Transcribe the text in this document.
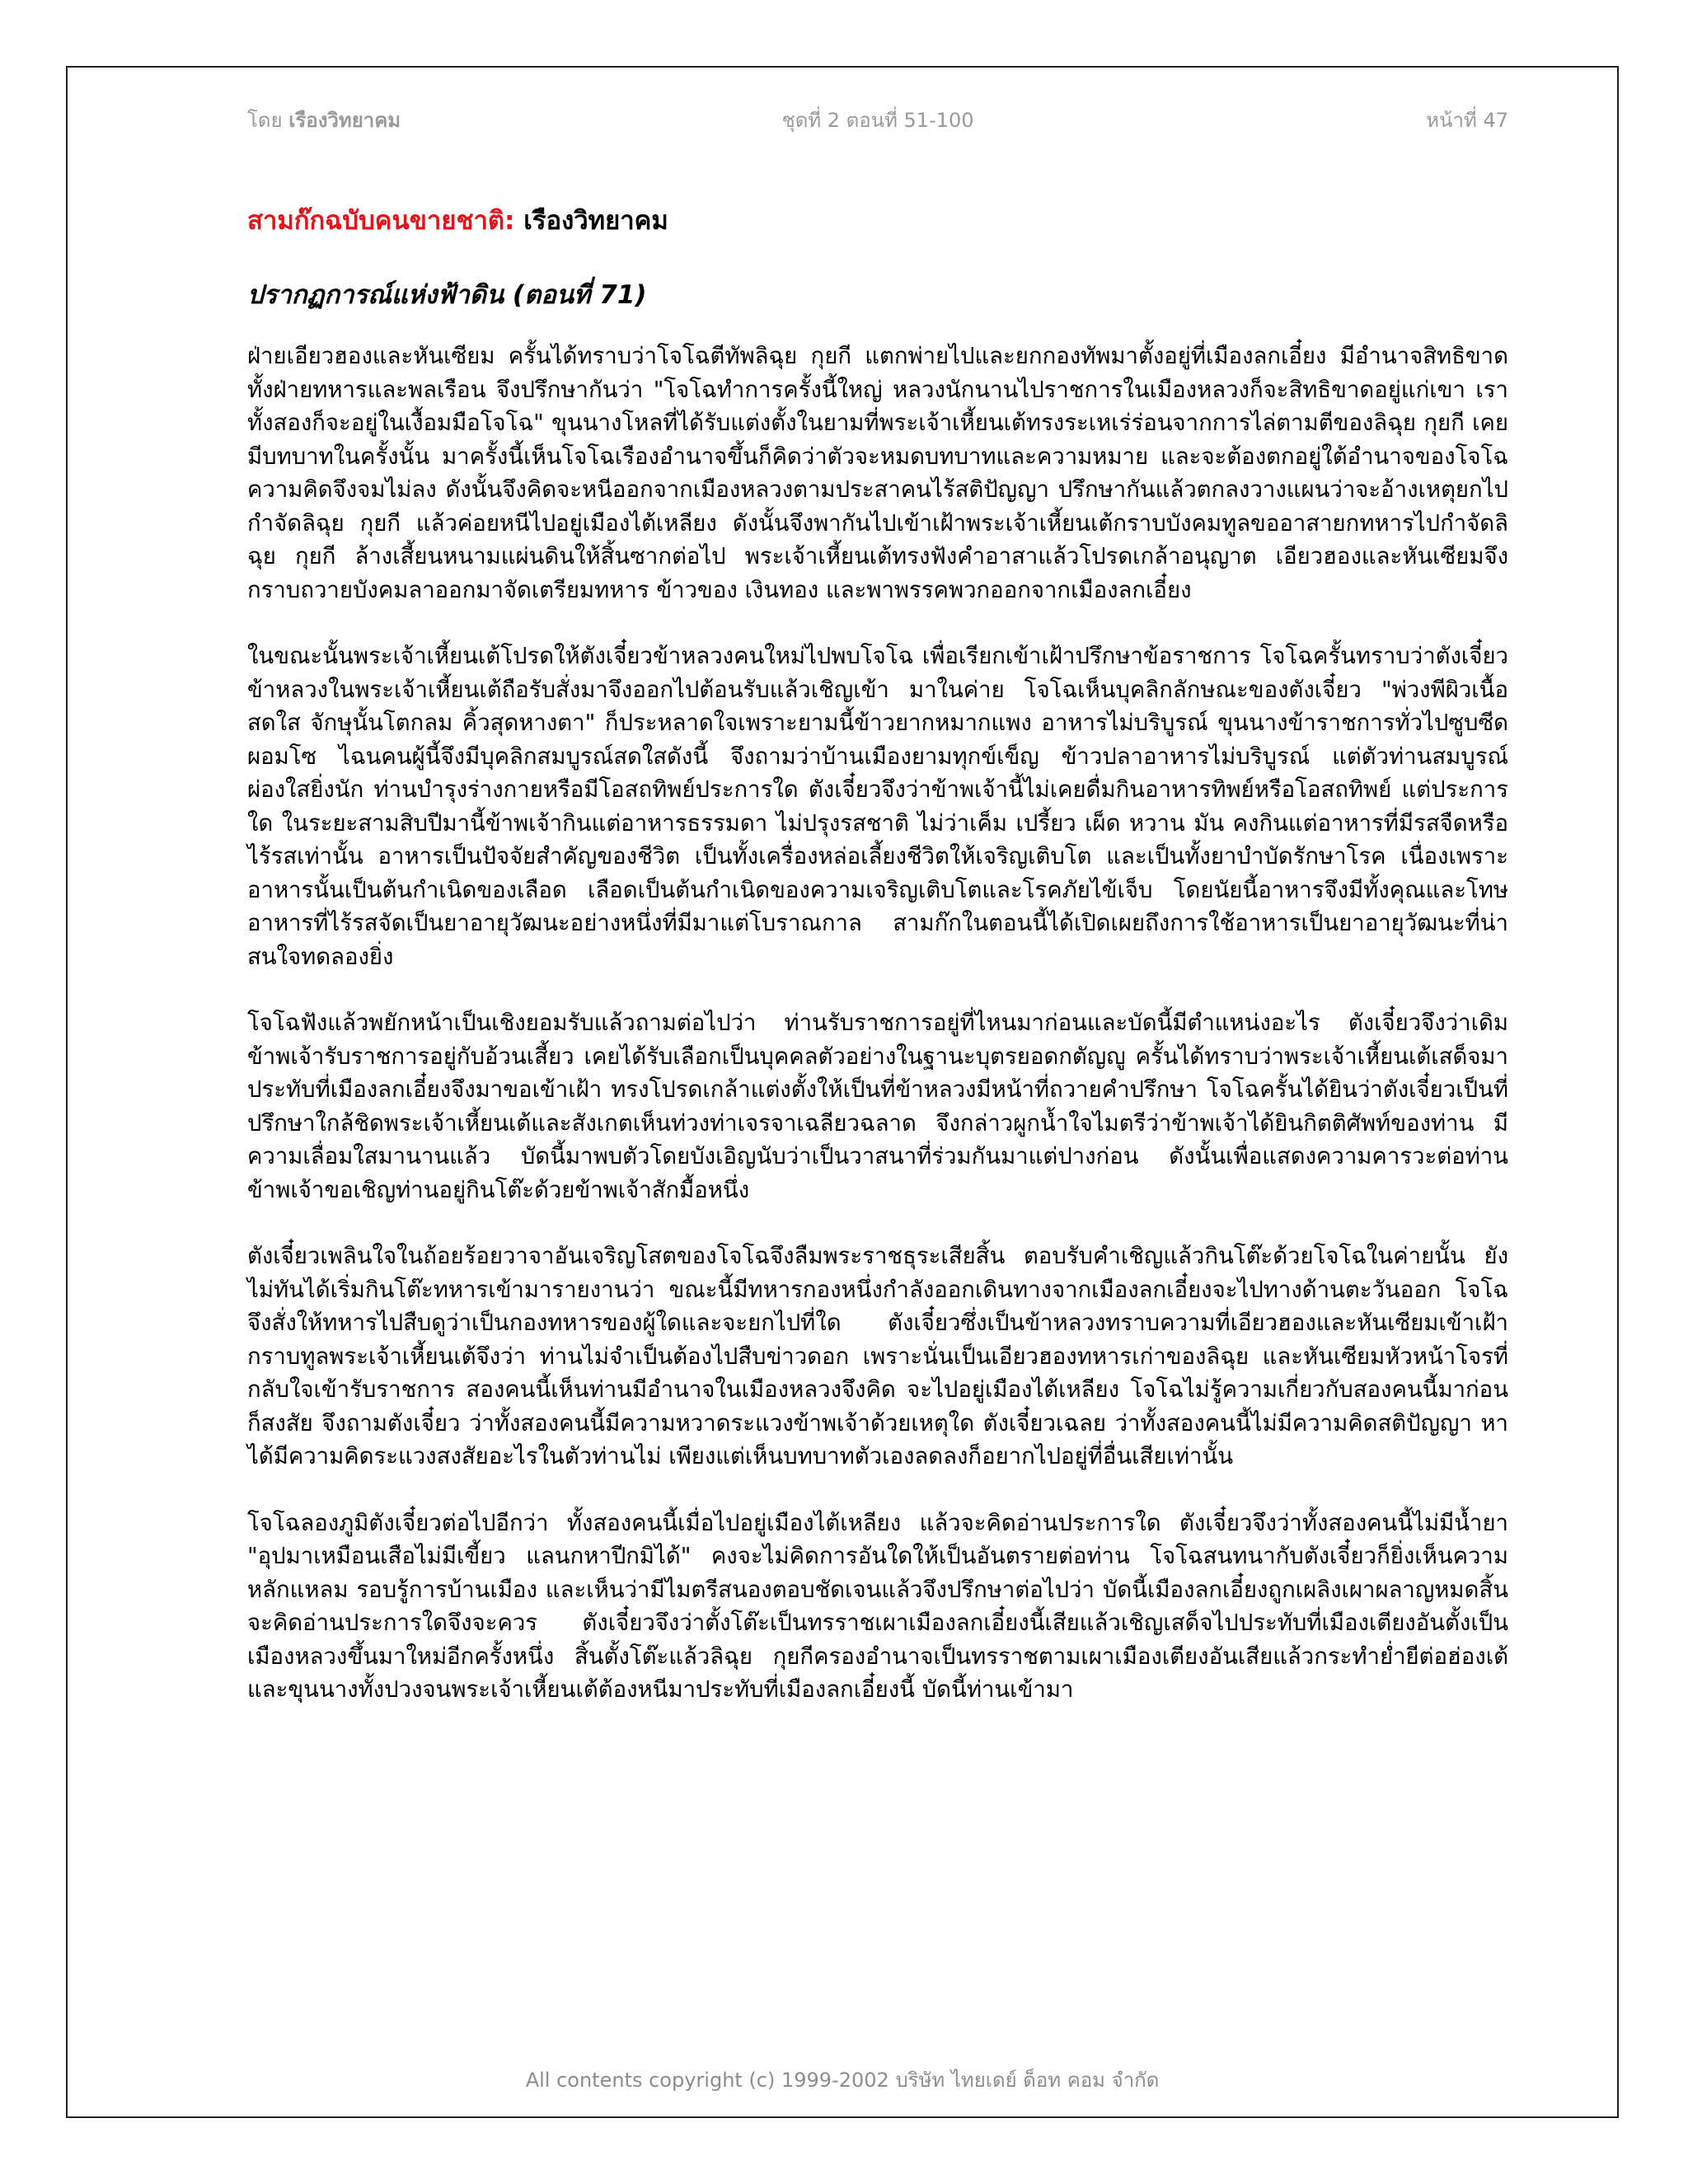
โดย เรืองวิทยาคม	ชุดที่ 2 ตอนที่ 51-100	หน้าที่ 47
สามก๊กฉบับคนขายชาติ: เรืองวิทยาคม
ปรากฏการณ์แห่งฟ้าดิน (ตอนที่ 71)

ฝ่ายเอียวฮองและหันเซียม ครั้นได้ทราบว่าโจโฉตีทัพลิฉุย กุยกี แตกพ่ายไปและยกกองทัพมาตั้งอยู่ที่เมืองลกเอี๋ยง มีอำนาจสิทธิขาด ทั้งฝ่ายทหารและพลเรือน จึงปรึกษากันว่า "โจโฉทำการครั้งนี้ใหญ่ หลวงนักนานไปราชการในเมืองหลวงก็จะสิทธิขาดอยู่แก่เขา เราทั้งสองก็จะอยู่ในเงื้อมมือโจโฉ" ขุนนางโหลที่ได้รับแต่งตั้งในยามที่พระเจ้าเหี้ยนเต้ทรงระเหเร่ร่อนจากการไล่ตามตีของลิฉุย กุยกี เคยมีบทบาทในครั้งนั้น มาครั้งนี้เห็นโจโฉเรืองอำนาจขึ้นก็คิดว่าตัวจะหมดบทบาทและความหมาย และจะต้องตกอยู่ใต้อำนาจของโจโฉ ความคิดจึงจมไม่ลง ดังนั้นจึงคิดจะหนีออกจากเมืองหลวงตามประสาคนไร้สติปัญญา ปรึกษากันแล้วตกลงวางแผนว่าจะอ้างเหตุยกไปกำจัดลิฉุย กุยกี แล้วค่อยหนีไปอยู่เมืองไต้เหลียง ดังนั้นจึงพากันไปเข้าเฝ้าพระเจ้าเหี้ยนเต้กราบบังคมทูลขออาสายกทหารไปกำจัดลิฉุย กุยกี ล้างเสี้ยนหนามแผ่นดินให้สิ้นซากต่อไป พระเจ้าเหี้ยนเต้ทรงฟังคำอาสาแล้วโปรดเกล้าอนุญาต เอียวฮองและหันเซียมจึงกราบถวายบังคมลาออกมาจัดเตรียมทหาร ข้าวของ เงินทอง และพาพรรคพวกออกจากเมืองลกเอี๋ยง

ในขณะนั้นพระเจ้าเหี้ยนเต้โปรดให้ตังเจี๋ยวข้าหลวงคนใหม่ไปพบโจโฉ เพื่อเรียกเข้าเฝ้าปรึกษาข้อราชการ โจโฉครั้นทราบว่าตังเจี๋ยว ข้าหลวงในพระเจ้าเหี้ยนเต้ถือรับสั่งมาจึงออกไปต้อนรับแล้วเชิญเข้า มาในค่าย โจโฉเห็นบุคลิกลักษณะของตังเจี๋ยว "พ่วงพีผิวเนื้อสดใส จักษุนั้นโตกลม คิ้วสุดหางตา" ก็ประหลาดใจเพราะยามนี้ข้าวยากหมากแพง อาหารไม่บริบูรณ์ ขุนนางข้าราชการทั่วไปซูบซีดผอมโซ ไฉนคนผู้นี้จึงมีบุคลิกสมบูรณ์สดใสดังนี้ จึงถามว่าบ้านเมืองยามทุกข์เข็ญ ข้าวปลาอาหารไม่บริบูรณ์ แต่ตัวท่านสมบูรณ์ผ่องใสยิ่งนัก ท่านบำรุงร่างกายหรือมีโอสถทิพย์ประการใด ตังเจี๋ยวจึงว่าข้าพเจ้านี้ไม่เคยดื่มกินอาหารทิพย์หรือโอสถทิพย์ แต่ประการใด ในระยะสามสิบปีมานี้ข้าพเจ้ากินแต่อาหารธรรมดา ไม่ปรุงรสชาติ ไม่ว่าเค็ม เปรี้ยว เผ็ด หวาน มัน คงกินแต่อาหารที่มีรสจืดหรือไร้รสเท่านั้น อาหารเป็นปัจจัยสำคัญของชีวิต เป็นทั้งเครื่องหล่อเลี้ยงชีวิตให้เจริญเติบโต และเป็นทั้งยาบำบัดรักษาโรค เนื่องเพราะอาหารนั้นเป็นต้นกำเนิดของเลือด เลือดเป็นต้นกำเนิดของความเจริญเติบโตและโรคภัยไข้เจ็บ โดยนัยนี้อาหารจึงมีทั้งคุณและโทษ อาหารที่ไร้รสจัดเป็นยาอายุวัฒนะอย่างหนึ่งที่มีมาแต่โบราณกาล สามก๊กในตอนนี้ได้เปิดเผยถึงการใช้อาหารเป็นยาอายุวัฒนะที่น่าสนใจทดลองยิ่ง

โจโฉฟังแล้วพยักหน้าเป็นเชิงยอมรับแล้วถามต่อไปว่า ท่านรับราชการอยู่ที่ไหนมาก่อนและบัดนี้มีตำแหน่งอะไร ตังเจี๋ยวจึงว่าเดิม ข้าพเจ้ารับราชการอยู่กับอ้วนเสี้ยว เคยได้รับเลือกเป็นบุคคลตัวอย่างในฐานะบุตรยอดกตัญญู ครั้นได้ทราบว่าพระเจ้าเหี้ยนเต้เสด็จมาประทับที่เมืองลกเอี๋ยงจึงมาขอเข้าเฝ้า ทรงโปรดเกล้าแต่งตั้งให้เป็นที่ข้าหลวงมีหน้าที่ถวายคำปรึกษา โจโฉครั้นได้ยินว่าตังเจี๋ยวเป็นที่ปรึกษาใกล้ชิดพระเจ้าเหี้ยนเต้และสังเกตเห็นท่วงท่าเจรจาเฉลียวฉลาด จึงกล่าวผูกน้ำใจไมตรีว่าข้าพเจ้าได้ยินกิตติศัพท์ของท่าน มีความเลื่อมใสมานานแล้ว บัดนี้มาพบตัวโดยบังเอิญนับว่าเป็นวาสนาที่ร่วมกันมาแต่ปางก่อน ดังนั้นเพื่อแสดงความคารวะต่อท่าน ข้าพเจ้าขอเชิญท่านอยู่กินโต๊ะด้วยข้าพเจ้าสักมื้อหนึ่ง

ตังเจี๋ยวเพลินใจในถ้อยร้อยวาจาอันเจริญโสตของโจโฉจึงลืมพระราชธุระเสียสิ้น ตอบรับคำเชิญแล้วกินโต๊ะด้วยโจโฉในค่ายนั้น ยังไม่ทันได้เริ่มกินโต๊ะทหารเข้ามารายงานว่า ขณะนี้มีทหารกองหนึ่งกำลังออกเดินทางจากเมืองลกเอี๋ยงจะไปทางด้านตะวันออก โจโฉจึงสั่งให้ทหารไปสืบดูว่าเป็นกองทหารของผู้ใดและจะยกไปที่ใด ตังเจี๋ยวซึ่งเป็นข้าหลวงทราบความที่เอียวฮองและหันเซียมเข้าเฝ้ากราบทูลพระเจ้าเหี้ยนเต้จึงว่า ท่านไม่จำเป็นต้องไปสืบข่าวดอก เพราะนั่นเป็นเอียวฮองทหารเก่าของลิฉุย และหันเซียมหัวหน้าโจรที่กลับใจเข้ารับราชการ สองคนนี้เห็นท่านมีอำนาจในเมืองหลวงจึงคิด จะไปอยู่เมืองไต้เหลียง โจโฉไม่รู้ความเกี่ยวกับสองคนนี้มาก่อนก็สงสัย จึงถามตังเจี๋ยว ว่าทั้งสองคนนี้มีความหวาดระแวงข้าพเจ้าด้วยเหตุใด ตังเจี๋ยวเฉลย ว่าทั้งสองคนนี้ไม่มีความคิดสติปัญญา หาได้มีความคิดระแวงสงสัยอะไรในตัวท่านไม่ เพียงแต่เห็นบทบาทตัวเองลดลงก็อยากไปอยู่ที่อื่นเสียเท่านั้น

โจโฉลองภูมิตังเจี๋ยวต่อไปอีกว่า ทั้งสองคนนี้เมื่อไปอยู่เมืองไต้เหลียง แล้วจะคิดอ่านประการใด ตังเจี๋ยวจึงว่าทั้งสองคนนี้ไม่มีน้ำยา "อุปมาเหมือนเสือไม่มีเขี้ยว แลนกหาปีกมิได้" คงจะไม่คิดการอันใดให้เป็นอันตรายต่อท่าน โจโฉสนทนากับตังเจี๋ยวก็ยิ่งเห็นความหลักแหลม รอบรู้การบ้านเมือง และเห็นว่ามีไมตรีสนองตอบชัดเจนแล้วจึงปรึกษาต่อไปว่า บัดนี้เมืองลกเอี๋ยงถูกเผลิงเผาผลาญหมดสิ้น จะคิดอ่านประการใดจึงจะควร ตังเจี๋ยวจึงว่าตั้งโต๊ะเป็นทรราชเผาเมืองลกเอี๋ยงนี้เสียแล้วเชิญเสด็จไปประทับที่เมืองเตียงอันตั้งเป็นเมืองหลวงขึ้นมาใหม่อีกครั้งหนึ่ง สิ้นตั้งโต๊ะแล้วลิฉุย กุยกีครองอำนาจเป็นทรราชตามเผาเมืองเตียงอันเสียแล้วกระทำย่ำยีต่อฮ่องเต้และขุนนางทั้งปวงจนพระเจ้าเหี้ยนเต้ต้องหนีมาประทับที่เมืองลกเอี๋ยงนี้ บัดนี้ท่านเข้ามา

All contents copyright (c) 1999-2002 บริษัท ไทยเดย์ ด็อท คอม จำกัด
